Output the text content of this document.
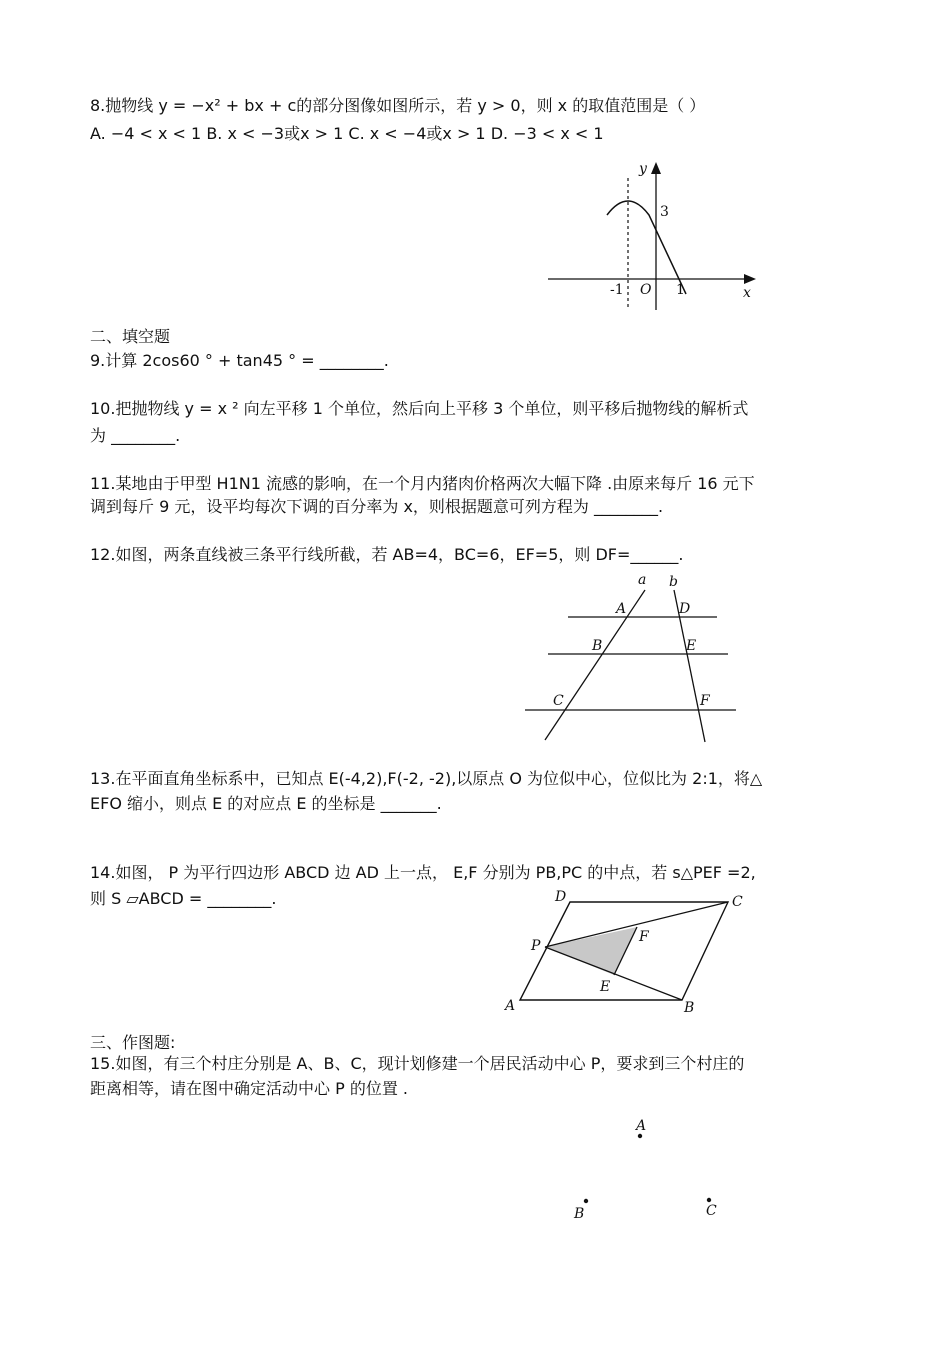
8.抛物线 y = −x² + bx + c的部分图像如图所示，若 y > 0，则 x 的取值范围是（ ）
A. −4 < x < 1 B. x < −3或x > 1 C. x < −4或x > 1 D. −3 < x < 1
y
x
3
-1 O 1
a b
A	D
B	E
C	F
D	C
P
F
E
A	B
A
B	C
二、填空题
9.计算 2cos60 ° + tan45 ° = ________.
10.把抛物线 y = x ² 向左平移 1 个单位，然后向上平移 3 个单位，则平移后抛物线的解析式
为 ________.
11.某地由于甲型 H1N1 流感的影响，在一个月内猪肉价格两次大幅下降 .由原来每斤 16 元下
调到每斤 9 元，设平均每次下调的百分率为 x，则根据题意可列方程为 ________.
12.如图，两条直线被三条平行线所截，若 AB=4，BC=6，EF=5，则 DF=______.
13.在平面直角坐标系中，已知点 E(-4,2),F(-2, -2),以原点 O 为位似中心，位似比为 2:1，将△
EFO 缩小，则点 E 的对应点 E 的坐标是 _______.
14.如图， P 为平行四边形 ABCD 边 AD 上一点， E,F 分别为 PB,PC 的中点，若 s△PEF =2,
则 S ▱ABCD = ________.
三、作图题:
15.如图，有三个村庄分别是 A、B、C，现计划修建一个居民活动中心 P，要求到三个村庄的
距离相等，请在图中确定活动中心 P 的位置 .
